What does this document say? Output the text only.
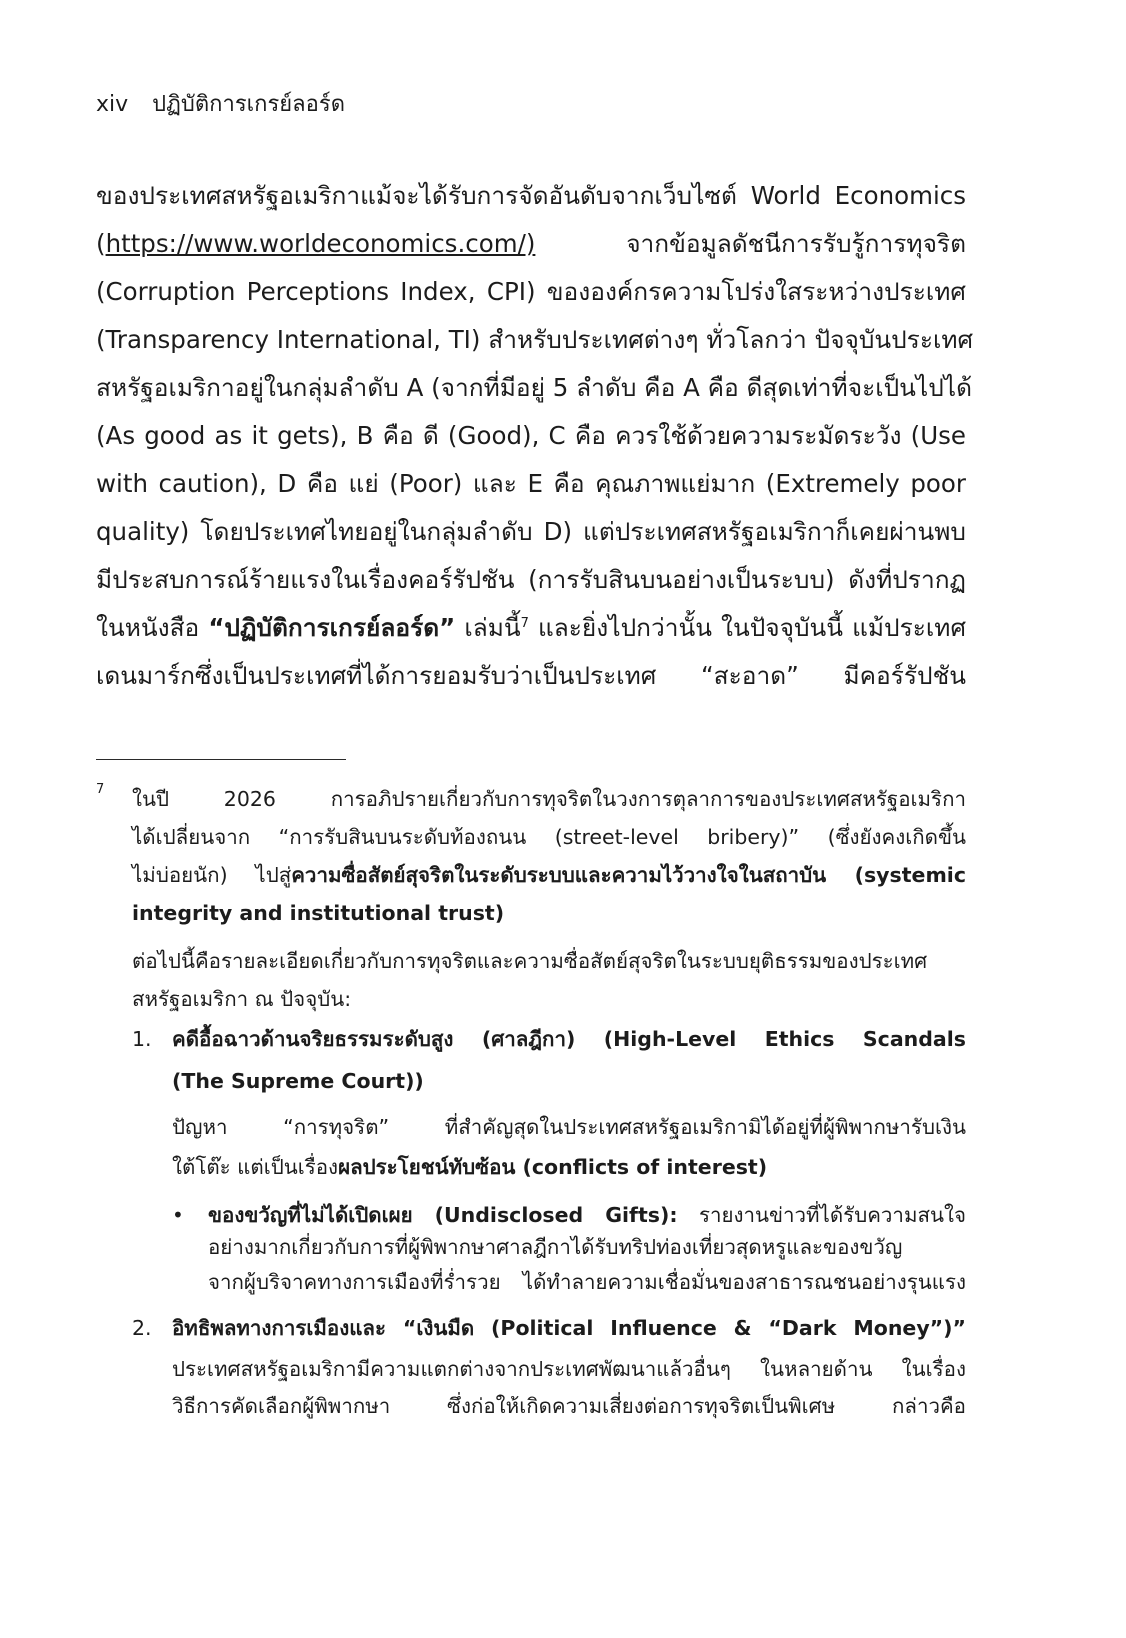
xiv ปฏิบัติการเกรย์ลอร์ด
ของประเทศสหรัฐอเมริกาแม้จะได้รับการจัดอันดับจากเว็บไซต์ World Economics
(https://www.worldeconomics.com/) จากข้อมูลดัชนีการรับรู้การทุจริต
(Corruption Perceptions Index, CPI) ขององค์กรความโปร่งใสระหว่างประเทศ
(Transparency International, TI) สำหรับประเทศต่างๆ ทั่วโลกว่า ปัจจุบันประเทศ
สหรัฐอเมริกาอยู่ในกลุ่มลำดับ A (จากที่มีอยู่ 5 ลำดับ คือ A คือ ดีสุดเท่าที่จะเป็นไปได้
(As good as it gets), B คือ ดี (Good), C คือ ควรใช้ด้วยความระมัดระวัง (Use
with caution), D คือ แย่ (Poor) และ E คือ คุณภาพแย่มาก (Extremely poor
quality) โดยประเทศไทยอยู่ในกลุ่มลำดับ D) แต่ประเทศสหรัฐอเมริกาก็เคยผ่านพบ
มีประสบการณ์ร้ายแรงในเรื่องคอร์รัปชัน (การรับสินบนอย่างเป็นระบบ) ดังที่ปรากฏ
ในหนังสือ “ปฏิบัติการเกรย์ลอร์ด” เล่มนี้$^7$ และยิ่งไปกว่านั้น ในปัจจุบันนี้ แม้ประเทศ
เดนมาร์กซึ่งเป็นประเทศที่ได้การยอมรับว่าเป็นประเทศ “สะอาด” มีคอร์รัปชัน
7 ในปี 2026 การอภิปรายเกี่ยวกับการทุจริตในวงการตุลาการของประเทศสหรัฐอเมริกา
ได้เปลี่ยนจาก “การรับสินบนระดับท้องถนน (street-level bribery)” (ซึ่งยังคงเกิดขึ้น
ไม่บ่อยนัก) ไปสู่ความซื่อสัตย์สุจริตในระดับระบบและความไว้วางใจในสถาบัน (systemic
integrity and institutional trust)
ต่อไปนี้คือรายละเอียดเกี่ยวกับการทุจริตและความซื่อสัตย์สุจริตในระบบยุติธรรมของประเทศ
สหรัฐอเมริกา ณ ปัจจุบัน:
1. คดีอื้อฉาวด้านจริยธรรมระดับสูง (ศาลฎีกา) (High-Level Ethics Scandals
(The Supreme Court))
ปัญหา “การทุจริต” ที่สำคัญสุดในประเทศสหรัฐอเมริกามิได้อยู่ที่ผู้พิพากษารับเงิน
ใต้โต๊ะ แต่เป็นเรื่องผลประโยชน์ทับซ้อน (conflicts of interest)
• ของขวัญที่ไม่ได้เปิดเผย (Undisclosed Gifts): รายงานข่าวที่ได้รับความสนใจ
อย่างมากเกี่ยวกับการที่ผู้พิพากษาศาลฎีกาได้รับทริปท่องเที่ยวสุดหรูและของขวัญ
จากผู้บริจาคทางการเมืองที่ร่ำรวย ได้ทำลายความเชื่อมั่นของสาธารณชนอย่างรุนแรง
2. อิทธิพลทางการเมืองและ “เงินมืด (Political Influence & “Dark Money”)”
ประเทศสหรัฐอเมริกามีความแตกต่างจากประเทศพัฒนาแล้วอื่นๆ ในหลายด้าน ในเรื่อง
วิธีการคัดเลือกผู้พิพากษา ซึ่งก่อให้เกิดความเสี่ยงต่อการทุจริตเป็นพิเศษ กล่าวคือ
